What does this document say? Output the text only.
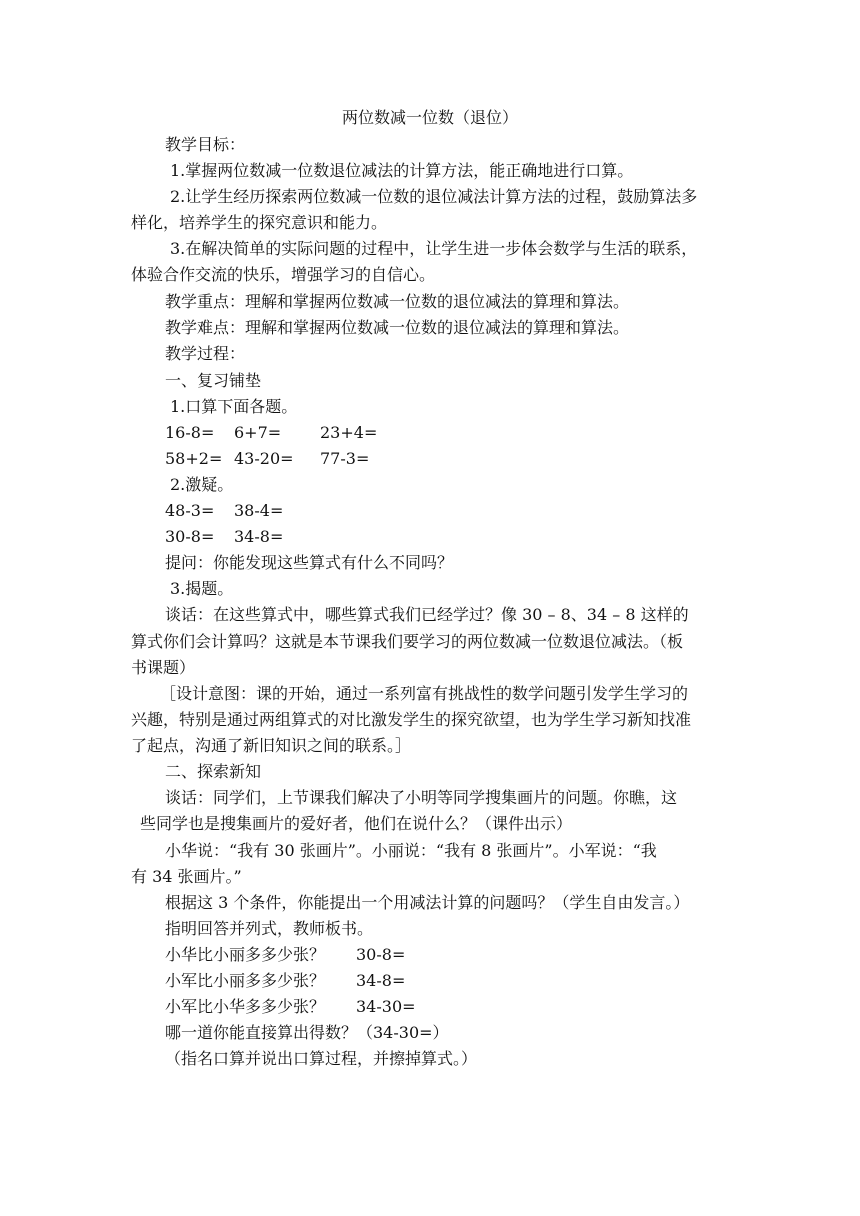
两位数减一位数（退位）
教学目标：
1.掌握两位数减一位数退位减法的计算方法，能正确地进行口算。
2.让学生经历探索两位数减一位数的退位减法计算方法的过程，鼓励算法多
样化，培养学生的探究意识和能力。
3.在解决简单的实际问题的过程中，让学生进一步体会数学与生活的联系，
体验合作交流的快乐，增强学习的自信心。
教学重点：理解和掌握两位数减一位数的退位减法的算理和算法。
教学难点：理解和掌握两位数减一位数的退位减法的算理和算法。
教学过程：
一、复习铺垫
1.口算下面各题。
16-8= 6+7= 23+4=
58+2= 43-20= 77-3=
2.激疑。
48-3= 38-4=
30-8= 34-8=
提问：你能发现这些算式有什么不同吗？
3.揭题。
谈话：在这些算式中，哪些算式我们已经学过？像 30 – 8、34 – 8 这样的
算式你们会计算吗？这就是本节课我们要学习的两位数减一位数退位减法。（板
书课题）
［设计意图：课的开始，通过一系列富有挑战性的数学问题引发学生学习的
兴趣，特别是通过两组算式的对比激发学生的探究欲望，也为学生学习新知找准
了起点，沟通了新旧知识之间的联系。］
二、探索新知
谈话：同学们，上节课我们解决了小明等同学搜集画片的问题。你瞧，这
些同学也是搜集画片的爱好者，他们在说什么？（课件出示）
小华说：“我有 30 张画片”。小丽说：“我有 8 张画片”。小军说：“我
有 34 张画片。”
根据这 3 个条件，你能提出一个用减法计算的问题吗？（学生自由发言。）
指明回答并列式，教师板书。
小华比小丽多多少张？ 30-8=
小军比小丽多多少张？ 34-8=
小军比小华多多少张？ 34-30=
哪一道你能直接算出得数？（34-30=）
（指名口算并说出口算过程，并擦掉算式。）
